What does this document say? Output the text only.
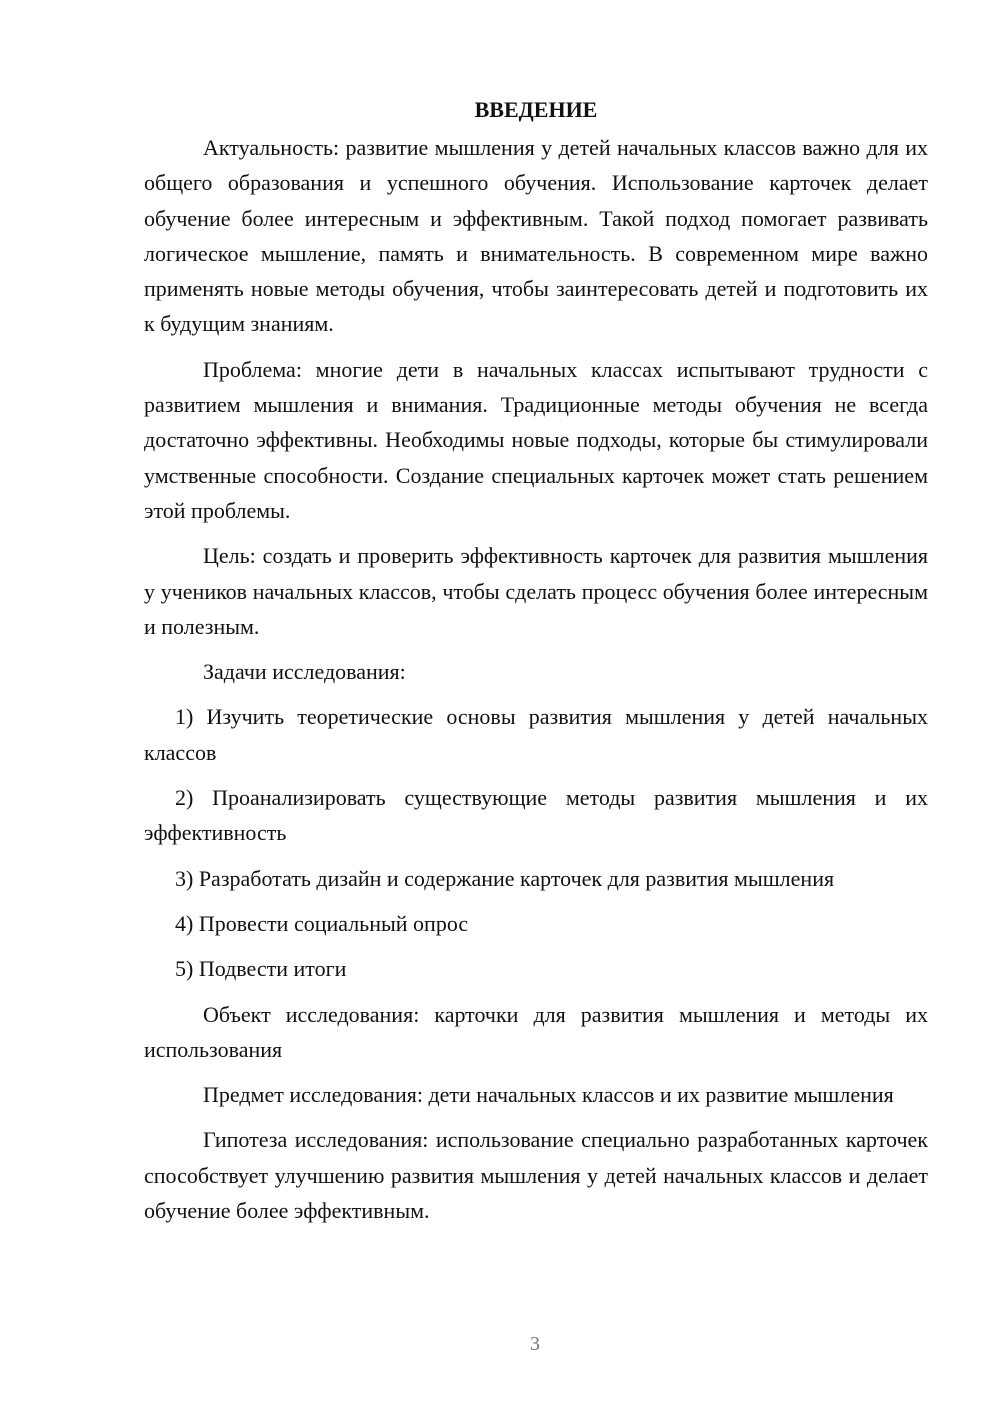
ВВЕДЕНИЕ

Актуальность: развитие мышления у детей начальных классов важно для их общего образования и успешного обучения. Использование карточек делает обучение более интересным и эффективным. Такой подход помогает развивать логическое мышление, память и внимательность. В современном мире важно применять новые методы обучения, чтобы заинтересовать детей и подготовить их к будущим знаниям.

Проблема: многие дети в начальных классах испытывают трудности с развитием мышления и внимания. Традиционные методы обучения не всегда достаточно эффективны. Необходимы новые подходы, которые бы стимулировали умственные способности. Создание специальных карточек может стать решением этой проблемы.

Цель: создать и проверить эффективность карточек для развития мышления у учеников начальных классов, чтобы сделать процесс обучения более интересным и полезным.

Задачи исследования:

1) Изучить теоретические основы развития мышления у детей начальных классов

2) Проанализировать существующие методы развития мышления и их эффективность

3) Разработать дизайн и содержание карточек для развития мышления

4) Провести социальный опрос

5) Подвести итоги

Объект исследования: карточки для развития мышления и методы их использования

Предмет исследования: дети начальных классов и их развитие мышления

Гипотеза исследования: использование специально разработанных карточек способствует улучшению развития мышления у детей начальных классов и делает обучение более эффективным.

3
